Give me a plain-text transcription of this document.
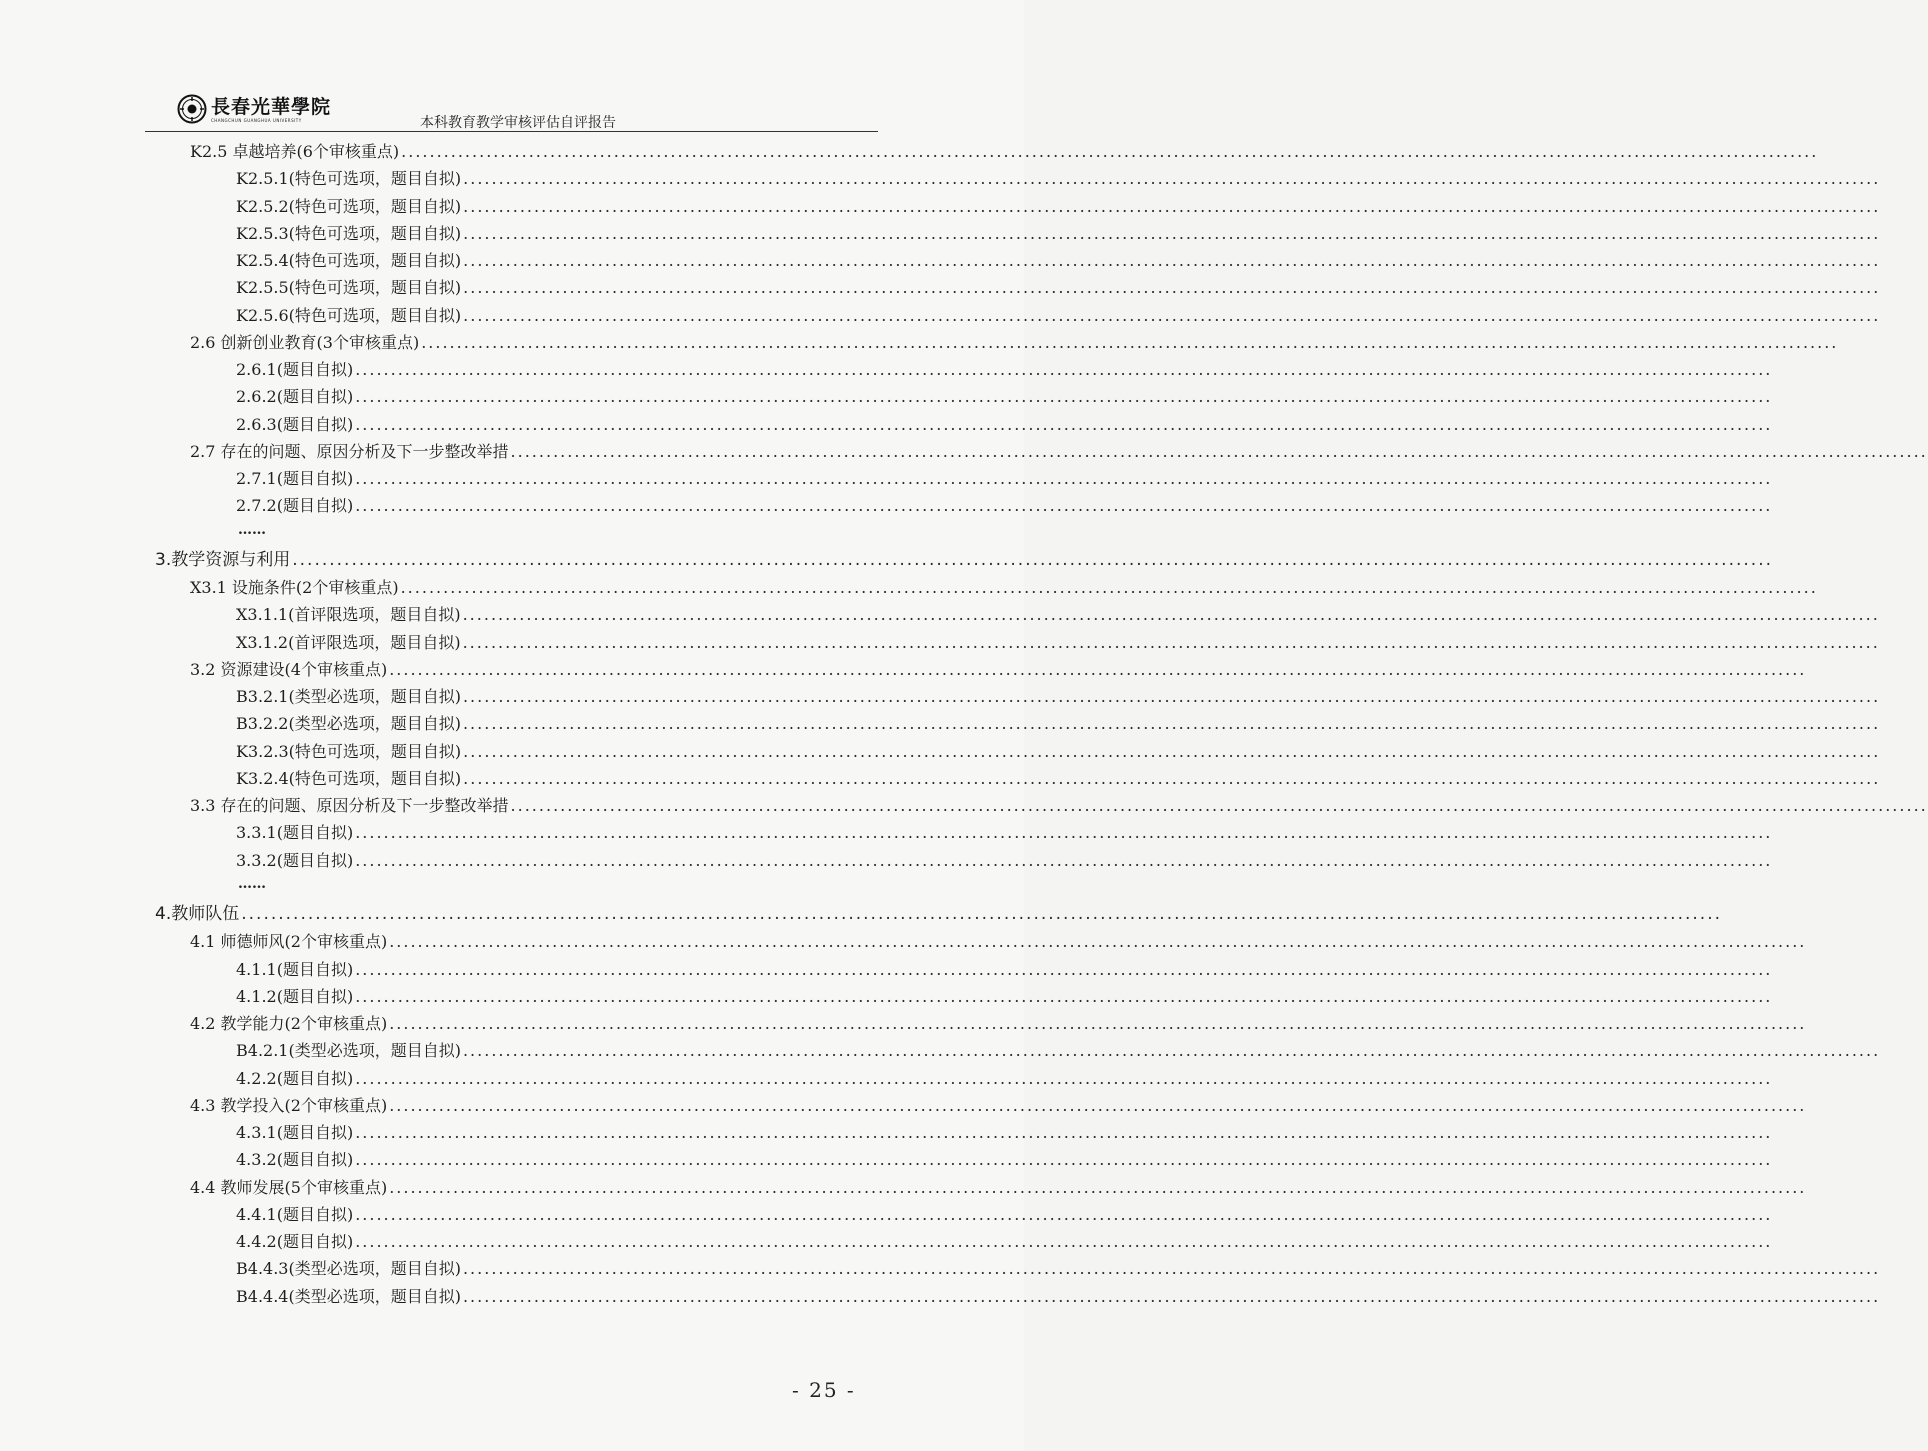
長春光華學院
CHANGCHUN GUANGHUA UNIVERSITY	本科教育教学审核评估自评报告
K2.5 卓越培养(6个审核重点) ........................................................................................................................................................................................................
K2.5.1(特色可选项，题目自拟) ........................................................................................................................................................................................................
K2.5.2(特色可选项，题目自拟) ........................................................................................................................................................................................................
K2.5.3(特色可选项，题目自拟) ........................................................................................................................................................................................................
K2.5.4(特色可选项，题目自拟) ........................................................................................................................................................................................................
K2.5.5(特色可选项，题目自拟) ........................................................................................................................................................................................................
K2.5.6(特色可选项，题目自拟) ........................................................................................................................................................................................................
2.6 创新创业教育(3个审核重点) ........................................................................................................................................................................................................
2.6.1(题目自拟) ........................................................................................................................................................................................................
2.6.2(题目自拟) ........................................................................................................................................................................................................
2.6.3(题目自拟) ........................................................................................................................................................................................................
2.7 存在的问题、原因分析及下一步整改举措 ........................................................................................................................................................................................................
2.7.1(题目自拟) ........................................................................................................................................................................................................
2.7.2(题目自拟) ........................................................................................................................................................................................................
……
3.教学资源与利用 ........................................................................................................................................................................................................
X3.1 设施条件(2个审核重点) ........................................................................................................................................................................................................
X3.1.1(首评限选项，题目自拟) ........................................................................................................................................................................................................
X3.1.2(首评限选项，题目自拟) ........................................................................................................................................................................................................
3.2 资源建设(4个审核重点) ........................................................................................................................................................................................................
B3.2.1(类型必选项，题目自拟) ........................................................................................................................................................................................................
B3.2.2(类型必选项，题目自拟) ........................................................................................................................................................................................................
K3.2.3(特色可选项，题目自拟) ........................................................................................................................................................................................................
K3.2.4(特色可选项，题目自拟) ........................................................................................................................................................................................................
3.3 存在的问题、原因分析及下一步整改举措 ........................................................................................................................................................................................................
3.3.1(题目自拟) ........................................................................................................................................................................................................
3.3.2(题目自拟) ........................................................................................................................................................................................................
……
4.教师队伍 ........................................................................................................................................................................................................
4.1 师德师风(2个审核重点) ........................................................................................................................................................................................................
4.1.1(题目自拟) ........................................................................................................................................................................................................
4.1.2(题目自拟) ........................................................................................................................................................................................................
4.2 教学能力(2个审核重点) ........................................................................................................................................................................................................
B4.2.1(类型必选项，题目自拟) ........................................................................................................................................................................................................
4.2.2(题目自拟) ........................................................................................................................................................................................................
4.3 教学投入(2个审核重点) ........................................................................................................................................................................................................
4.3.1(题目自拟) ........................................................................................................................................................................................................
4.3.2(题目自拟) ........................................................................................................................................................................................................
4.4 教师发展(5个审核重点) ........................................................................................................................................................................................................
4.4.1(题目自拟) ........................................................................................................................................................................................................
4.4.2(题目自拟) ........................................................................................................................................................................................................
B4.4.3(类型必选项，题目自拟) ........................................................................................................................................................................................................
B4.4.4(类型必选项，题目自拟) ........................................................................................................................................................................................................
- 25 -
